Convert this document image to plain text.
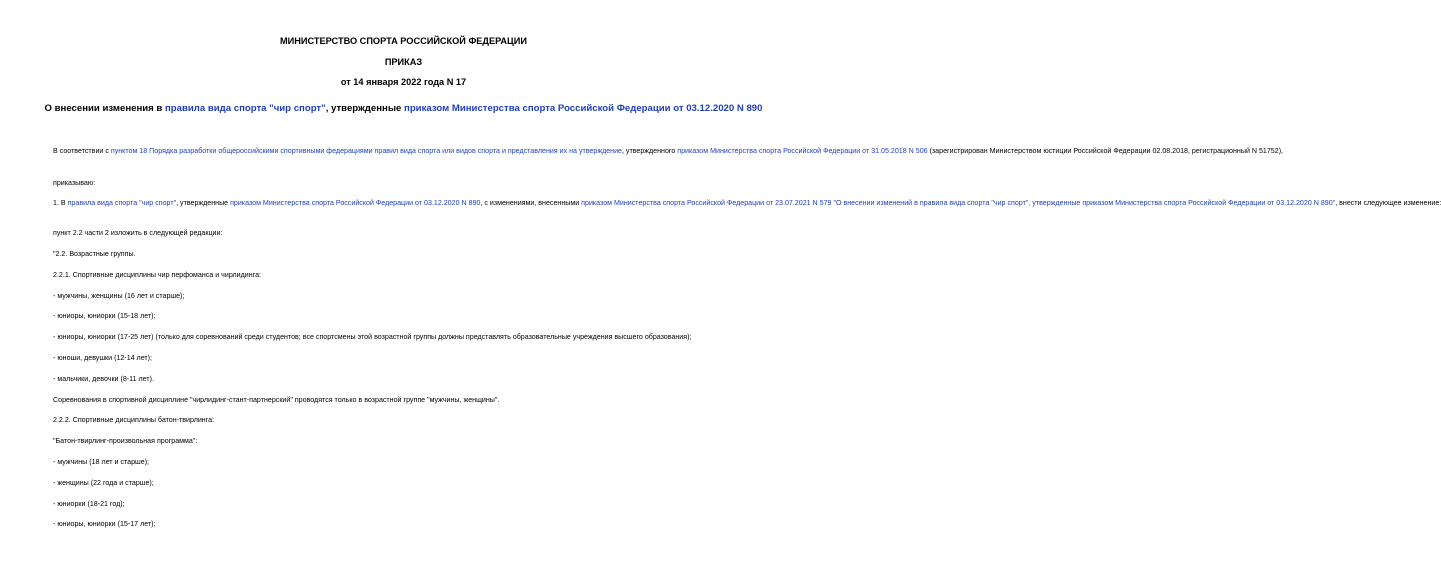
МИНИСТЕРСТВО СПОРТА РОССИЙСКОЙ ФЕДЕРАЦИИ

ПРИКАЗ

от 14 января 2022 года N 17

О внесении изменения в правила вида спорта "чир спорт", утвержденные приказом Министерства спорта Российской Федерации от 03.12.2020 N 890

В соответствии с пунктом 18 Порядка разработки общероссийскими спортивными федерациями правил вида спорта или видов спорта и представления их на утверждение, утвержденного приказом Министерства спорта Российской Федерации от 31.05.2018 N 506 (зарегистрирован Министерством юстиции Российской Федерации 02.08.2018, регистрационный N 51752),

приказываю:

1. В правила вида спорта "чир спорт", утвержденные приказом Министерства спорта Российской Федерации от 03.12.2020 N 890, с изменениями, внесенными приказом Министерства спорта Российской Федерации от 23.07.2021 N 579 "О внесении изменений в правила вида спорта "чир спорт", утвержденные приказом Министерства спорта Российской Федерации от 03.12.2020 N 890", внести следующее изменение:

пункт 2.2 части 2 изложить в следующей редакции:

"2.2. Возрастные группы.

2.2.1. Спортивные дисциплины чир перфоманса и чирлидинга:

- мужчины, женщины (16 лет и старше);

- юниоры, юниорки (15-18 лет);

- юниоры, юниорки (17-25 лет) (только для соревнований среди студентов; все спортсмены этой возрастной группы должны представлять образовательные учреждения высшего образования);

- юноши, девушки (12-14 лет);

- мальчики, девочки (8-11 лет).

Соревнования в спортивной дисциплине "чирлидинг-стант-партнерский" проводятся только в возрастной группе "мужчины, женщины".

2.2.2. Спортивные дисциплины батон-твирлинга:

"Батон-твирлинг-произвольная программа":

- мужчины (18 лет и старше);

- женщины (22 года и старше);

- юниорки (18-21 год);

- юниоры, юниорки (15-17 лет);
